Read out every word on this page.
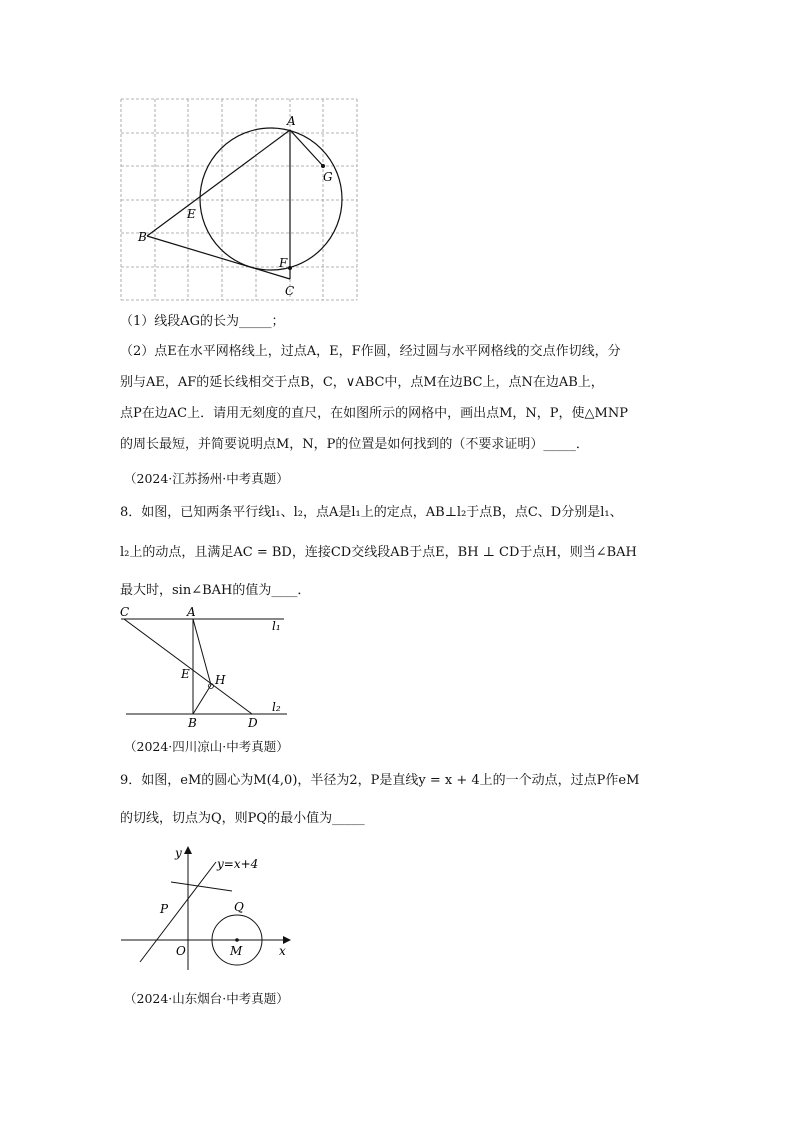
A
G
E
B
F
C
（1）线段AG的长为_____；
（2）点E在水平网格线上，过点A，E，F作圆，经过圆与水平网格线的交点作切线，分
别与AE，AF的延长线相交于点B，C，∨ABC中，点M在边BC上，点N在边AB上，
点P在边AC上．请用无刻度的直尺，在如图所示的网格中，画出点M，N，P，使△MNP
的周长最短，并简要说明点M，N，P的位置是如何找到的（不要求证明）_____．
（2024·江苏扬州·中考真题）
8．如图，已知两条平行线l₁、l₂，点A是l₁上的定点，AB⊥l₂于点B，点C、D分别是l₁、
l₂上的动点，且满足AC = BD，连接CD交线段AB于点E，BH ⊥ CD于点H，则当∠BAH
最大时，sin∠BAH的值为____．
C	A
l₁
E H
B	D
l₂
（2024·四川凉山·中考真题）
9．如图，eM的圆心为M(4,0)，半径为2，P是直线y = x + 4上的一个动点，过点P作eM
的切线，切点为Q，则PQ的最小值为_____
y
y=x+4
P	Q
O	M	x
（2024·山东烟台·中考真题）
